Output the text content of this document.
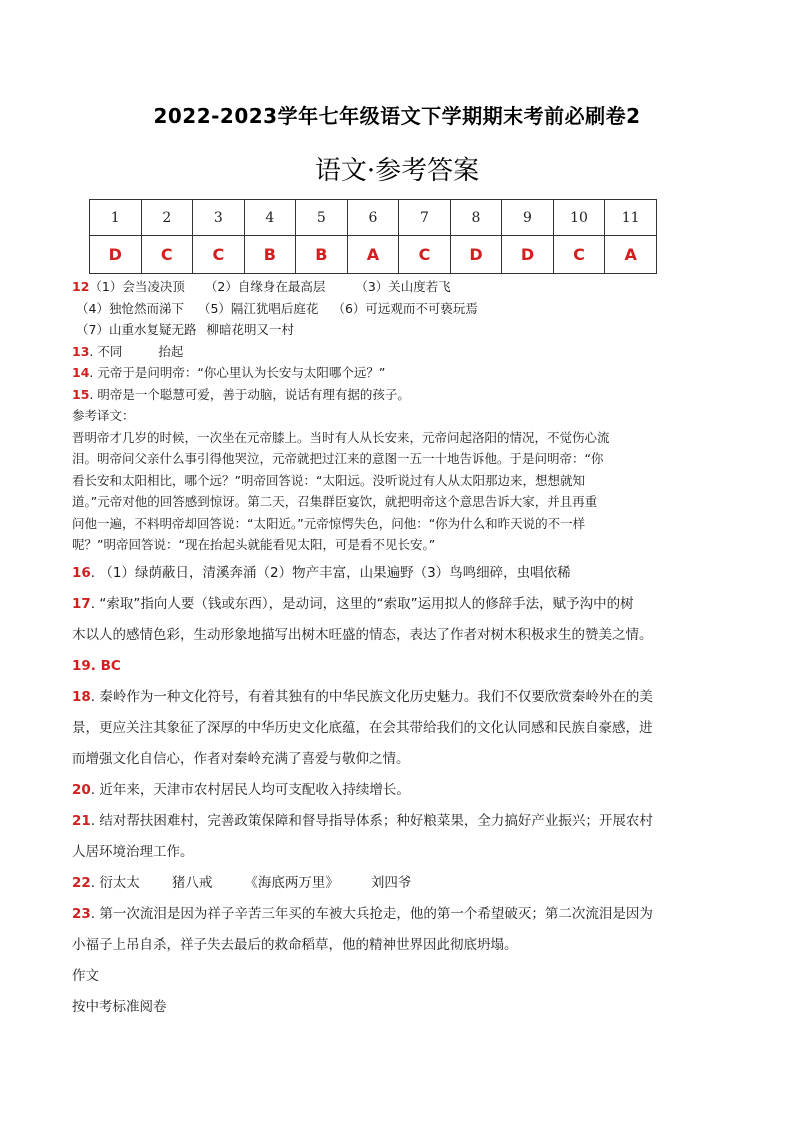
2022-2023学年七年级语文下学期期末考前必刷卷2
语文·参考答案
1	2	3	4	5	6	7	8	9	10	11
D	C	C	B	B	A	C	D	D	C	A
12（1）会当凌决顶 （2）自缘身在最高层 （3）关山度若飞
（4）独怆然而涕下 （5）隔江犹唱后庭花 （6）可远观而不可亵玩焉
（7）山重水复疑无路 柳暗花明又一村
13. 不同	抬起
14. 元帝于是问明帝：“你心里认为长安与太阳哪个远？”
15. 明帝是一个聪慧可爱，善于动脑，说话有理有据的孩子。
参考译文：
晋明帝才几岁的时候，一次坐在元帝膝上。当时有人从长安来，元帝问起洛阳的情况，不觉伤心流
泪。明帝问父亲什么事引得他哭泣，元帝就把过江来的意图一五一十地告诉他。于是问明帝：“你
看长安和太阳相比，哪个远？”明帝回答说：“太阳远。没听说过有人从太阳那边来，想想就知
道。”元帝对他的回答感到惊讶。第二天，召集群臣宴饮，就把明帝这个意思告诉大家，并且再重
问他一遍，不料明帝却回答说：“太阳近。”元帝惊愕失色，问他：“你为什么和昨天说的不一样
呢？”明帝回答说：“现在抬起头就能看见太阳，可是看不见长安。”
16. （1）绿荫蔽日，清溪奔涌（2）物产丰富，山果遍野（3）鸟鸣细碎，虫唱依稀
17. “索取”指向人要（钱或东西），是动词，这里的“索取”运用拟人的修辞手法，赋予沟中的树
木以人的感情色彩，生动形象地描写出树木旺盛的情态，表达了作者对树木积极求生的赞美之情。
19. BC
18. 秦岭作为一种文化符号，有着其独有的中华民族文化历史魅力。我们不仅要欣赏秦岭外在的美
景，更应关注其象征了深厚的中华历史文化底蕴，在会其带给我们的文化认同感和民族自豪感，进
而增强文化自信心，作者对秦岭充满了喜爱与敬仰之情。
20. 近年来，天津市农村居民人均可支配收入持续增长。
21. 结对帮扶困难村，完善政策保障和督导指导体系；种好粮菜果，全力搞好产业振兴；开展农村
人居环境治理工作。
22. 衍太太 猪八戒 《海底两万里》 刘四爷
23. 第一次流泪是因为祥子辛苦三年买的车被大兵抢走，他的第一个希望破灭；第二次流泪是因为
小福子上吊自杀，祥子失去最后的救命稻草，他的精神世界因此彻底坍塌。
作文
按中考标准阅卷
